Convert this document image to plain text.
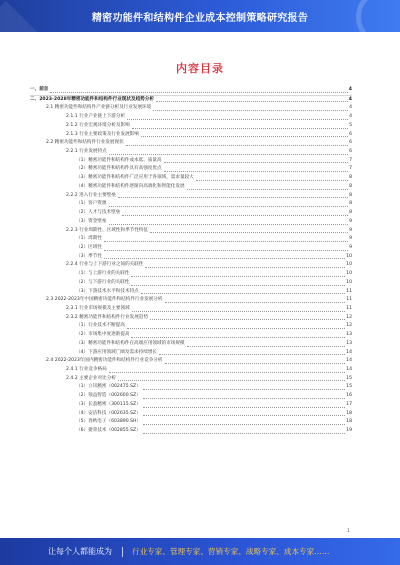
精密功能件和结构件企业成本控制策略研究报告
内容目录
一、前言	4
二、2023-2028年精密功能件和结构件行业现状及趋势分析	4
2.1 精密功能件和结构件产业链分析及行业发展环境	4
2.1.1 行业产业链上下游分析	4
2.1.2 行业宏观环境分析及影响	5
2.1.3 行业主要政策及行业发展影响	6
2.2 精密功能件和结构件行业发展现状	6
2.2.1 行业发展特点	6
（1）精密功能件和结构件成本低、质量高	7
（2）精密功能件和结构件具有高强度优点	7
（3）精密功能件和结构件广泛应用于各领域，需求量较大	8
（4）精密功能件和结构件逐渐向高端化和智能化发展	8
2.2.2 进入行业主要壁垒	8
（1）客户资源	8
（2）人才与技术壁垒	8
（3）资金壁垒	9
2.2.3 行业周期性、区域性和季节性特征	9
（1）周期性	9
（2）区域性	9
（3）季节性	10
2.2.4 行业与上下游行业之间的关联性	10
（1）与上游行业的关联性	10
（2）与下游行业的关联性	10
（3）下游技术水平和技术特点	11
2.3 2022-2023年中国精密功能件和结构件行业发展分析	11
2.3.1 行业市场规模及主要领域	11
2.3.2 精密功能件和结构件行业发展趋势	12
（1）行业技术不断提高	12
（2）市场集中度逐渐提高	13
（3）精密功能件和结构件在高端应用领域的市场规模	13
（4）下游应用领域广阔及需求持续增长	14
2.4 2022-2023年国内精密功能件和结构件行业竞争分析	14
2.4.1 行业竞争格局	14
2.4.2 主要企业对比分析	15
（1）立讯精密（002475.SZ）	15
（2）领益智造（002600.SZ）	16
（3）长盈精密（300115.SZ）	17
（4）安洁科技（002635.SZ）	18
（5）春秋电子（603890.SH）	18
（6）捷荣技术（002855.SZ）	19
1
让每个人都能成为	行业专家、管理专家、营销专家、战略专家、成本专家……
